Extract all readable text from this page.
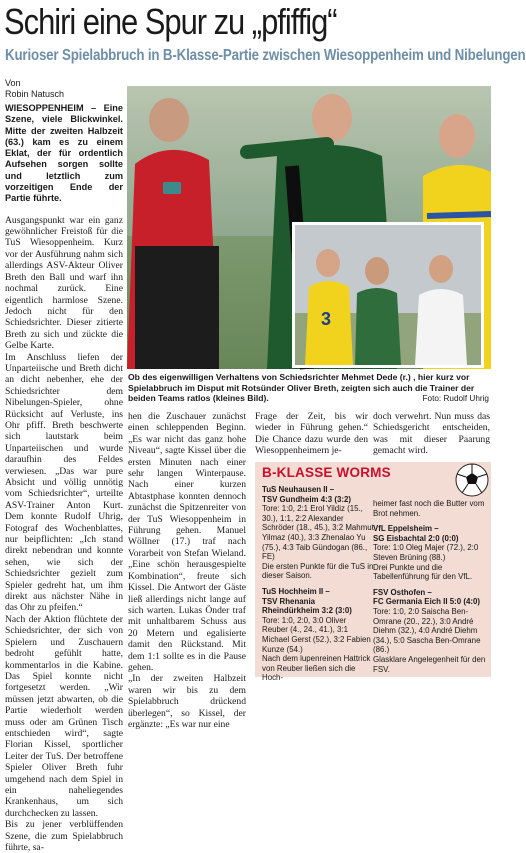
Schiri eine Spur zu „pfiffig“
Kurioser Spielabbruch in B-Klasse-Partie zwischen Wiesoppenheim und Nibelungen
Von
Robin Natusch

WIESOPPENHEIM – Eine Szene, viele Blickwinkel. Mitte der zweiten Halbzeit (63.) kam es zu einem Eklat, der für ordentlich Aufsehen sorgen sollte und letztlich zum vorzeitigen Ende der Partie führte.

Ausgangspunkt war ein ganz gewöhnlicher Freistoß für die TuS Wiesoppenheim. Kurz vor der Ausführung nahm sich allerdings ASV-Akteur Oliver Breth den Ball und warf ihn nochmal zurück. Eine eigentlich harmlose Szene. Jedoch nicht für den Schiedsrichter. Dieser zitierte Breth zu sich und zückte die Gelbe Karte.

Im Anschluss liefen der Unparteiische und Breth dicht an dicht nebenher, ehe der Schiedsrichter dem Nibelungen-Spieler, ohne Rücksicht auf Verluste, ins Ohr pfiff. Breth beschwerte sich lautstark beim Unparteiischen und wurde daraufhin des Feldes verwiesen. „Das war pure Absicht und völlig unnötig vom Schiedsrichter“, urteilte ASV-Trainer Anton Kurt. Dem konnte Rudolf Uhrig, Fotograf des Wochenblattes, nur beipflichten: „Ich stand direkt nebendran und konnte sehen, wie sich der Schiedsrichter gezielt zum Spieler gedreht hat, um ihm direkt aus nächster Nähe in das Ohr zu pfeifen.“

Nach der Aktion flüchtete der Schiedsrichter, der sich von Spielern und Zuschauern bedroht gefühlt hatte, kommentarlos in die Kabine. Das Spiel konnte nicht fortgesetzt werden. „Wir müssen jetzt abwarten, ob die Partie wiederholt werden muss oder am Grünen Tisch entschieden wird“, sagte Florian Kissel, sportlicher Leiter der TuS. Der betroffene Spieler Oliver Breth fuhr umgehend nach dem Spiel in ein naheliegendes Krankenhaus, um sich durchchecken zu lassen.

Bis zu jener verblüffenden Szene, die zum Spielabbruch führte, sa-

3
Ob des eigenwilligen Verhaltens von Schiedsrichter Mehmet Dede (r.) , hier kurz vor Spielabbruch im Disput mit Rotsünder Oliver Breth, zeigten sich auch die Trainer der beiden Teams ratlos (kleines Bild).	Foto: Rudolf Uhrig

hen die Zuschauer zunächst einen schleppenden Beginn. „Es war nicht das ganz hohe Niveau“, sagte Kissel über die ersten Minuten nach einer sehr langen Winterpause. Nach einer kurzen Abtastphase konnten dennoch zunächst die Spitzenreiter von der TuS Wiesoppenheim in Führung gehen. Manuel Wöllner (17.) traf nach Vorarbeit von Stefan Wieland. „Eine schön herausgespielte Kombination“, freute sich Kissel. Die Antwort der Gäste ließ allerdings nicht lange auf sich warten. Lukas Önder traf mit unhaltbarem Schuss aus 20 Metern und egalisierte damit den Rückstand. Mit dem 1:1 sollte es in die Pause gehen.

„In der zweiten Halbzeit waren wir bis zu dem Spielabbruch drückend überlegen“, so Kissel, der ergänzte: „Es war nur eine

Frage der Zeit, bis wir wieder in Führung gehen.“ Die Chance dazu wurde den Wiesoppenheimern je-

doch verwehrt. Nun muss das Schiedsgericht entscheiden, was mit dieser Paarung gemacht wird.

B-KLASSE WORMS
TuS Neuhausen II –
TSV Gundheim 4:3 (3:2)
Tore: 1:0, 2:1 Erol Yildiz (15., 30.), 1:1, 2:2 Alexander Schröder (18., 45.), 3:2 Mahmut Yilmaz (40.), 3:3 Zhenalao Yu (75.), 4:3 Taib Gündogan (86., FE)
Die ersten Punkte für die TuS in dieser Saison.
TuS Hochheim II –
TSV Rhenania Rheindürkheim 3:2 (3:0)
Tore: 1:0, 2:0, 3:0 Oliver Reuber (4., 24., 41.), 3:1 Michael Gerst (52.), 3:2 Fabien Kunze (54.)
Nach dem lupenreinen Hattrick von Reuber ließen sich die Hoch-
heimer fast noch die Butter vom Brot nehmen.
VfL Eppelsheim –
SG Eisbachtal 2:0 (0:0)
Tore: 1:0 Oleg Majer (72.), 2:0 Steven Brüning (88.)
Drei Punkte und die Tabellenführung für den VfL.
FSV Osthofen –
FC Germania Eich II 5:0 (4:0)
Tore: 1:0, 2:0 Saischa Ben-Omrane (20., 22.), 3:0 André Diehm (32.), 4:0 André Diehm (34.), 5:0 Sascha Ben-Omrane (86.)
Glasklare Angelegenheit für den FSV.
